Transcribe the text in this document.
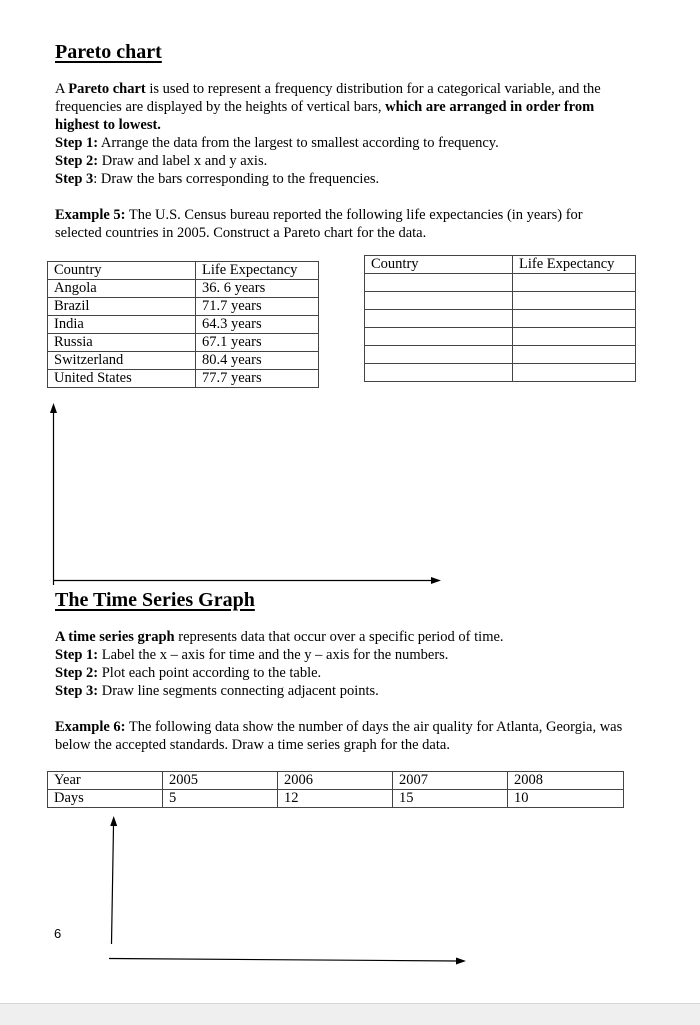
Pareto chart

A Pareto chart is used to represent a frequency distribution for a categorical variable, and the frequencies are displayed by the heights of vertical bars, which are arranged in order from highest to lowest.

Step 1: Arrange the data from the largest to smallest according to frequency.

Step 2: Draw and label x and y axis.

Step 3: Draw the bars corresponding to the frequencies.

Example 5: The U.S. Census bureau reported the following life expectancies (in years) for selected countries in 2005. Construct a Pareto chart for the data.

Country	Life Expectancy
Angola	36. 6 years
Brazil	71.7 years
India	64.3 years
Russia	67.1 years
Switzerland	80.4 years
United States	77.7 years
Country	Life Expectancy

The Time Series Graph

A time series graph represents data that occur over a specific period of time.

Step 1: Label the x – axis for time and the y – axis for the numbers.

Step 2: Plot each point according to the table.

Step 3: Draw line segments connecting adjacent points.

Example 6: The following data show the number of days the air quality for Atlanta, Georgia, was below the accepted standards. Draw a time series graph for the data.

Year	2005	2006	2007	2008
Days	5	12	15	10
6
